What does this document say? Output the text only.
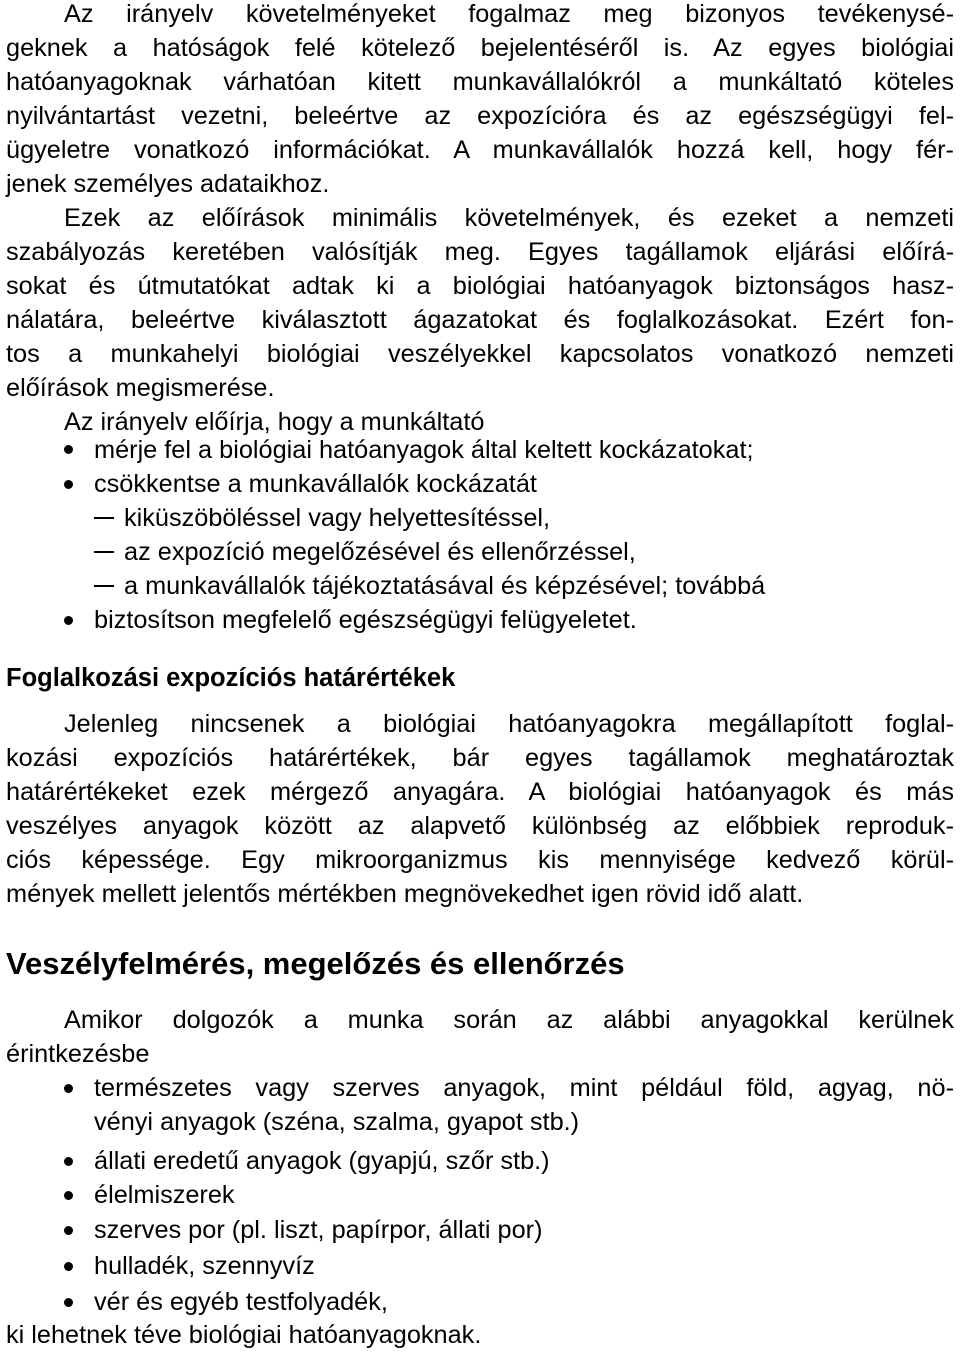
Az irányelv követelményeket fogalmaz meg bizonyos tevékenysé-
geknek a hatóságok felé kötelező bejelentéséről is. Az egyes biológiai
hatóanyagoknak várhatóan kitett munkavállalókról a munkáltató köteles
nyilvántartást vezetni, beleértve az expozícióra és az egészségügyi fel-
ügyeletre vonatkozó információkat. A munkavállalók hozzá kell, hogy fér-
jenek személyes adataikhoz.
Ezek az előírások minimális követelmények, és ezeket a nemzeti
szabályozás keretében valósítják meg. Egyes tagállamok eljárási előírá-
sokat és útmutatókat adtak ki a biológiai hatóanyagok biztonságos hasz-
nálatára, beleértve kiválasztott ágazatokat és foglalkozásokat. Ezért fon-
tos a munkahelyi biológiai veszélyekkel kapcsolatos vonatkozó nemzeti
előírások megismerése.
Az irányelv előírja, hogy a munkáltató
mérje fel a biológiai hatóanyagok által keltett kockázatokat;
csökkentse a munkavállalók kockázatát
kiküszöböléssel vagy helyettesítéssel,
az expozíció megelőzésével és ellenőrzéssel,
a munkavállalók tájékoztatásával és képzésével; továbbá
biztosítson megfelelő egészségügyi felügyeletet.
Foglalkozási expozíciós határértékek
Jelenleg nincsenek a biológiai hatóanyagokra megállapított foglal-
kozási expozíciós határértékek, bár egyes tagállamok meghatároztak
határértékeket ezek mérgező anyagára. A biológiai hatóanyagok és más
veszélyes anyagok között az alapvető különbség az előbbiek reproduk-
ciós képessége. Egy mikroorganizmus kis mennyisége kedvező körül-
mények mellett jelentős mértékben megnövekedhet igen rövid idő alatt.
Veszélyfelmérés, megelőzés és ellenőrzés
Amikor dolgozók a munka során az alábbi anyagokkal kerülnek
érintkezésbe
természetes vagy szerves anyagok, mint például föld, agyag, nö-
vényi anyagok (széna, szalma, gyapot stb.)
állati eredetű anyagok (gyapjú, szőr stb.)
élelmiszerek
szerves por (pl. liszt, papírpor, állati por)
hulladék, szennyvíz
vér és egyéb testfolyadék,
ki lehetnek téve biológiai hatóanyagoknak.
